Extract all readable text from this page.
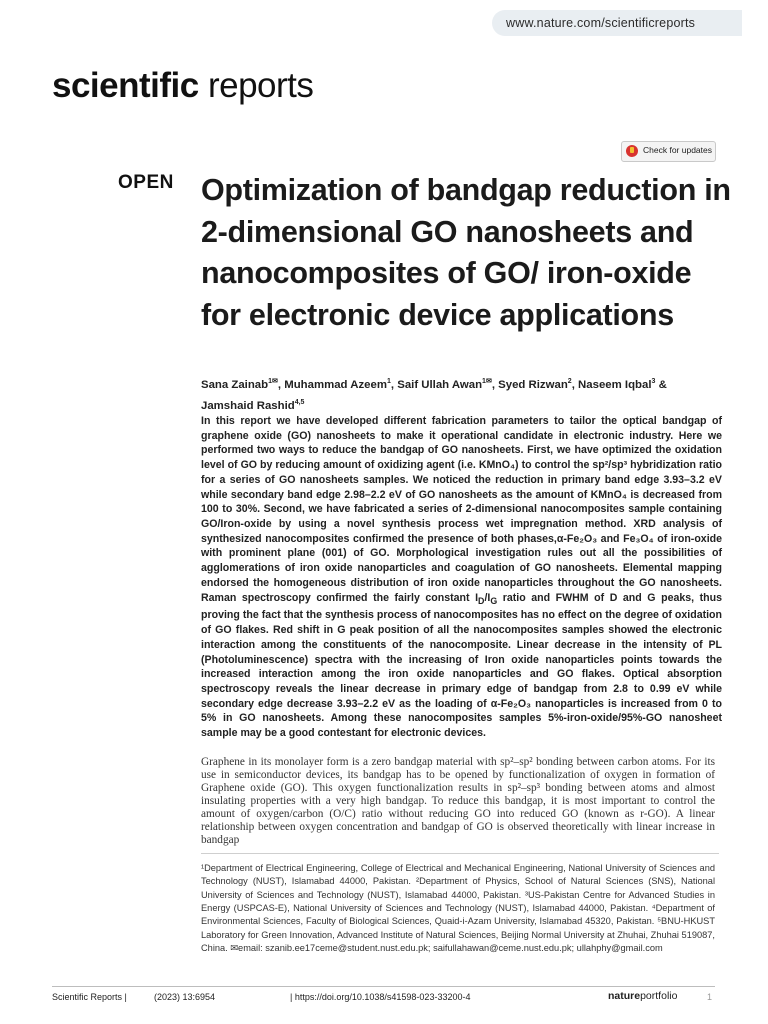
www.nature.com/scientificreports
scientific reports
Check for updates
OPEN Optimization of bandgap reduction in 2-dimensional GO nanosheets and nanocomposites of GO/ iron-oxide for electronic device applications
Sana Zainab$^{1✉}$, Muhammad Azeem$^1$, Saif Ullah Awan$^{1✉}$, Syed Rizwan$^2$, Naseem Iqbal$^3$ & Jamshaid Rashid$^{4,5}$

In this report we have developed different fabrication parameters to tailor the optical bandgap of graphene oxide (GO) nanosheets to make it operational candidate in electronic industry. Here we performed two ways to reduce the bandgap of GO nanosheets. First, we have optimized the oxidation level of GO by reducing amount of oxidizing agent (i.e. KMnO₄) to control the sp²/sp³ hybridization ratio for a series of GO nanosheets samples. We noticed the reduction in primary band edge 3.93–3.2 eV while secondary band edge 2.98–2.2 eV of GO nanosheets as the amount of KMnO₄ is decreased from 100 to 30%. Second, we have fabricated a series of 2-dimensional nanocomposites sample containing GO/Iron-oxide by using a novel synthesis process wet impregnation method. XRD analysis of synthesized nanocomposites confirmed the presence of both phases,α-Fe₂O₃ and Fe₃O₄ of iron-oxide with prominent plane (001) of GO. Morphological investigation rules out all the possibilities of agglomerations of iron oxide nanoparticles and coagulation of GO nanosheets. Elemental mapping endorsed the homogeneous distribution of iron oxide nanoparticles throughout the GO nanosheets. Raman spectroscopy confirmed the fairly constant $I_D/I_G$ ratio and FWHM of D and G peaks, thus proving the fact that the synthesis process of nanocomposites has no effect on the degree of oxidation of GO flakes. Red shift in G peak position of all the nanocomposites samples showed the electronic interaction among the constituents of the nanocomposite. Linear decrease in the intensity of PL (Photoluminescence) spectra with the increasing of Iron oxide nanoparticles points towards the increased interaction among the iron oxide nanoparticles and GO flakes. Optical absorption spectroscopy reveals the linear decrease in primary edge of bandgap from 2.8 to 0.99 eV while secondary edge decrease 3.93–2.2 eV as the loading of α-Fe₂O₃ nanoparticles is increased from 0 to 5% in GO nanosheets. Among these nanocomposites samples 5%-iron-oxide/95%-GO nanosheet sample may be a good contestant for electronic devices.

Graphene in its monolayer form is a zero bandgap material with sp²–sp² bonding between carbon atoms. For its use in semiconductor devices, its bandgap has to be opened by functionalization of oxygen in formation of Graphene oxide (GO). This oxygen functionalization results in sp²–sp³ bonding between atoms and almost insulating properties with a very high bandgap. To reduce this bandgap, it is most important to control the amount of oxygen/carbon (O/C) ratio without reducing GO into reduced GO (known as r-GO). A linear relationship between oxygen concentration and bandgap of GO is observed theoretically with linear increase in bandgap

¹Department of Electrical Engineering, College of Electrical and Mechanical Engineering, National University of Sciences and Technology (NUST), Islamabad 44000, Pakistan. ²Department of Physics, School of Natural Sciences (SNS), National University of Sciences and Technology (NUST), Islamabad 44000, Pakistan. ³US-Pakistan Centre for Advanced Studies in Energy (USPCAS-E), National University of Sciences and Technology (NUST), Islamabad 44000, Pakistan. ⁴Department of Environmental Sciences, Faculty of Biological Sciences, Quaid-i-Azam University, Islamabad 45320, Pakistan. ⁵BNU-HKUST Laboratory for Green Innovation, Advanced Institute of Natural Sciences, Beijing Normal University at Zhuhai, Zhuhai 519087, China. ✉email: szanib.ee17ceme@student.nust.edu.pk; saifullahawan@ceme.nust.edu.pk; ullahphy@gmail.com

Scientific Reports |	(2023) 13:6954	| https://doi.org/10.1038/s41598-023-33200-4	natureportfolio	1
